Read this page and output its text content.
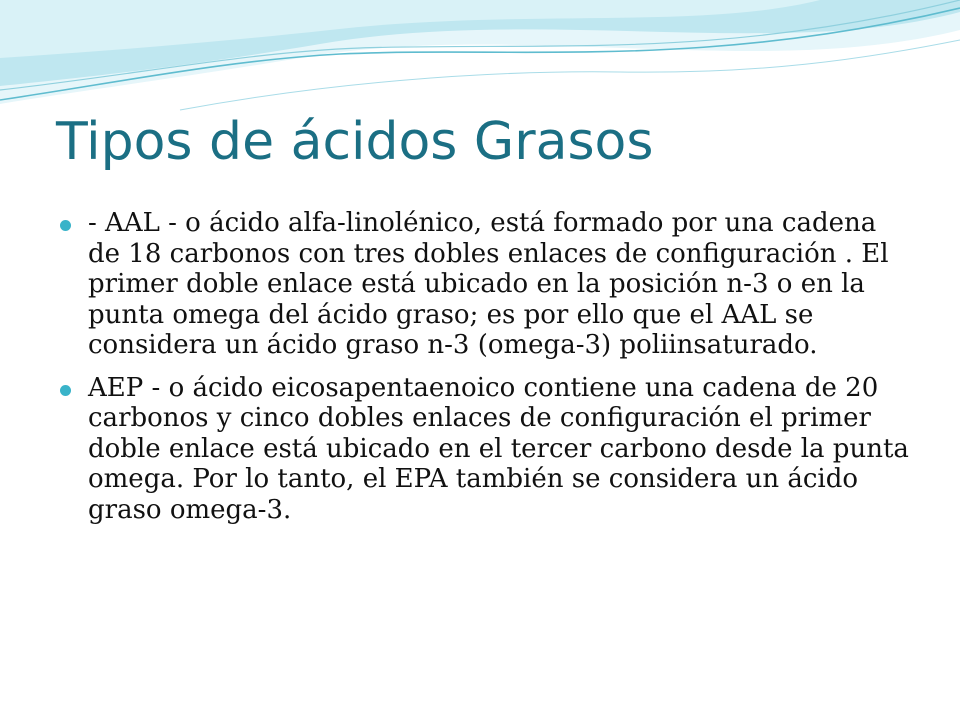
Tipos de ácidos Grasos
- AAL - o ácido alfa-linolénico, está formado por una cadena de 18 carbonos con tres dobles enlaces de configuración . El primer doble enlace está ubicado en la posición n-3 o en la punta omega del ácido graso; es por ello que el AAL se considera un ácido graso n-3 (omega-3) poliinsaturado.
AEP - o ácido eicosapentaenoico contiene una cadena de 20 carbonos y cinco dobles enlaces de configuración el primer doble enlace está ubicado en el tercer carbono desde la punta omega. Por lo tanto, el EPA también se considera un ácido graso omega-3.
